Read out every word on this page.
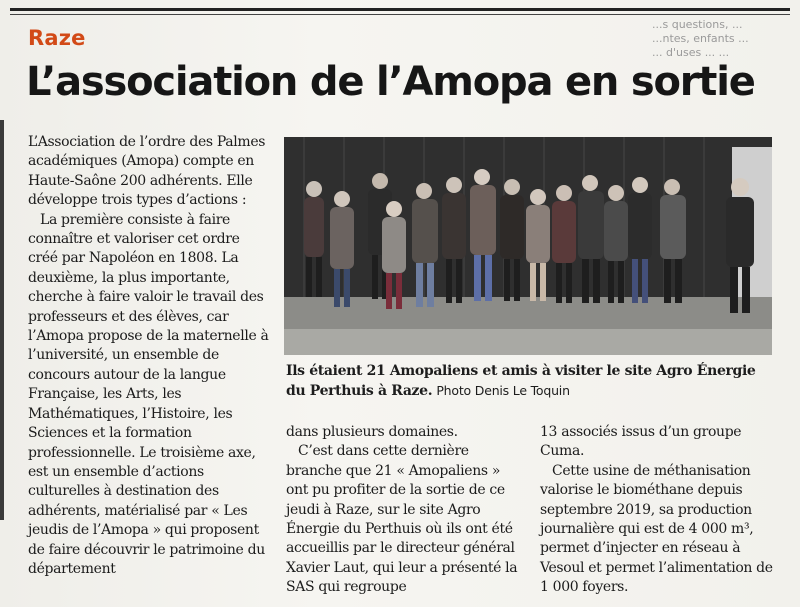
...s questions, ...
...ntes, enfants ...
... d'uses ... ...
Raze
L’association de l’Amopa en sortie

L’Association de l’ordre des Palmes académiques (Amopa) compte en Haute-Saône 200 adhérents. Elle développe trois types d’actions :

La première consiste à faire connaître et valoriser cet ordre créé par Napoléon en 1808. La deuxième, la plus importante, cherche à faire valoir le travail des professeurs et des élèves, car l’Amopa propose de la maternelle à l’université, un ensemble de concours autour de la langue Française, les Arts, les Mathématiques, l’Histoire, les Sciences et la formation professionnelle. Le troisième axe, est un ensemble d’actions culturelles à destination des adhérents, matérialisé par « Les jeudis de l’Amopa » qui proposent de faire découvrir le patrimoine du département

Ils étaient 21 Amopaliens et amis à visiter le site Agro Énergie du Perthuis à Raze. Photo Denis Le Toquin

dans plusieurs domaines.

C’est dans cette dernière branche que 21 « Amopaliens » ont pu profiter de la sortie de ce jeudi à Raze, sur le site Agro Énergie du Perthuis où ils ont été accueillis par le directeur général Xavier Laut, qui leur a présenté la SAS qui regroupe

13 associés issus d’un groupe Cuma.

Cette usine de méthanisation valorise le biométhane depuis septembre 2019, sa production journalière qui est de 4 000 m³, permet d’injecter en réseau à Vesoul et permet l’alimentation de 1 000 foyers.
